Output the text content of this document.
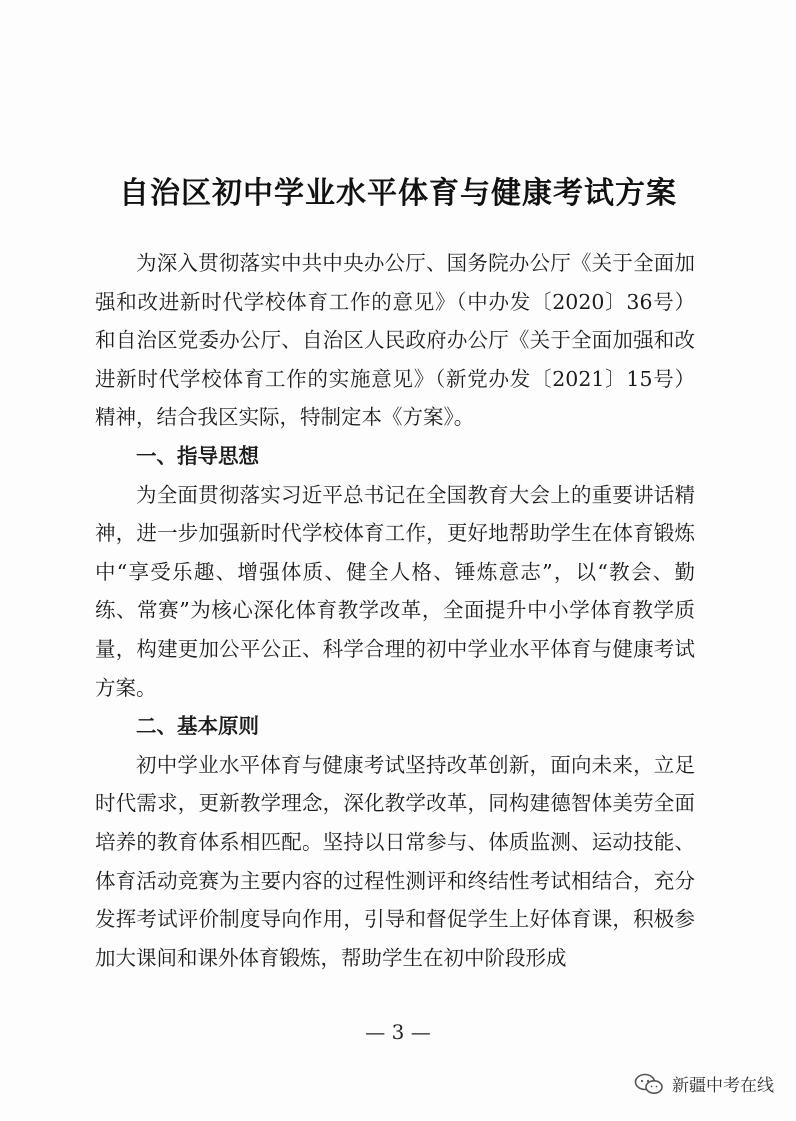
自治区初中学业水平体育与健康考试方案

为深入贯彻落实中共中央办公厅、国务院办公厅《关于全面加强和改进新时代学校体育工作的意见》（中办发〔2020〕36号）和自治区党委办公厅、自治区人民政府办公厅《关于全面加强和改进新时代学校体育工作的实施意见》（新党办发〔2021〕15号）精神，结合我区实际，特制定本《方案》。

一、指导思想

为全面贯彻落实习近平总书记在全国教育大会上的重要讲话精神，进一步加强新时代学校体育工作，更好地帮助学生在体育锻炼中“享受乐趣、增强体质、健全人格、锤炼意志”，以“教会、勤练、常赛”为核心深化体育教学改革，全面提升中小学体育教学质量，构建更加公平公正、科学合理的初中学业水平体育与健康考试方案。

二、基本原则

初中学业水平体育与健康考试坚持改革创新，面向未来，立足时代需求，更新教学理念，深化教学改革，同构建德智体美劳全面培养的教育体系相匹配。坚持以日常参与、体质监测、运动技能、体育活动竞赛为主要内容的过程性测评和终结性考试相结合，充分发挥考试评价制度导向作用，引导和督促学生上好体育课，积极参加大课间和课外体育锻炼，帮助学生在初中阶段形成

— 3 —
新疆中考在线
